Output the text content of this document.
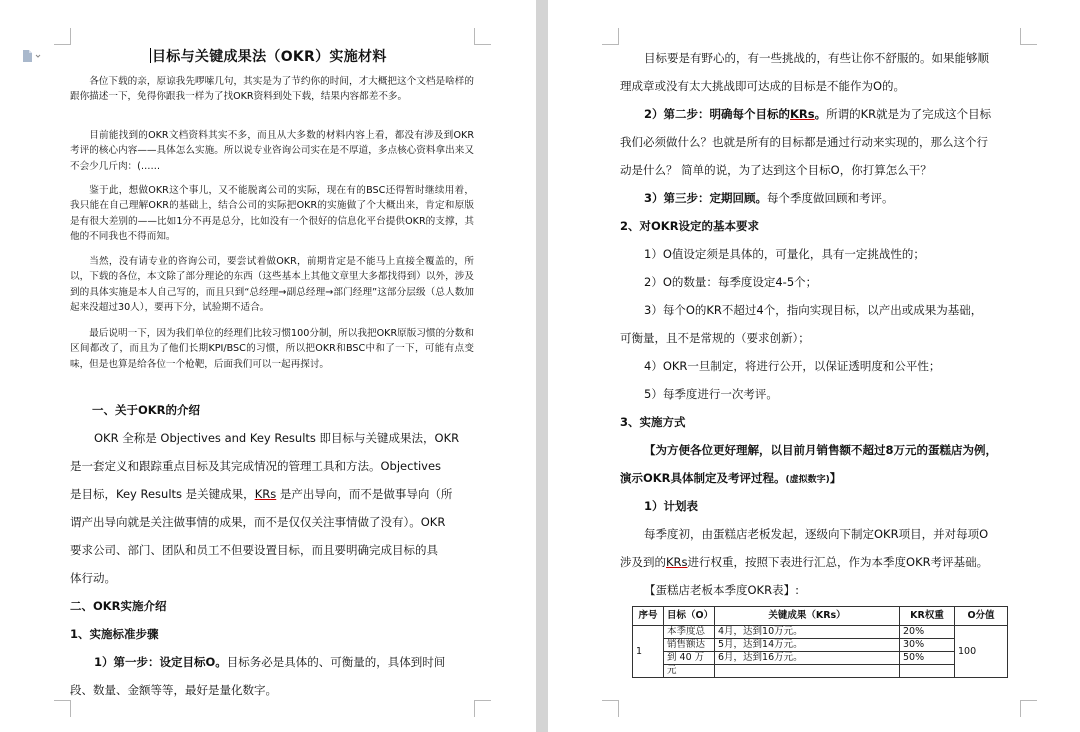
目标与关键成果法（OKR）实施材料

各位下载的亲，原谅我先啰嗦几句，其实是为了节约你的时间，才大概把这个文档是啥样的跟你描述一下，免得你跟我一样为了找OKR资料到处下载，结果内容都差不多。

目前能找到的OKR文档资料其实不多，而且从大多数的材料内容上看，都没有涉及到OKR考评的核心内容——具体怎么实施。所以说专业咨询公司实在是不厚道，多点核心资料拿出来又不会少几斤肉：(……

鉴于此，想做OKR这个事儿，又不能脱离公司的实际，现在有的BSC还得暂时继续用着，我只能在自己理解OKR的基础上，结合公司的实际把OKR的实施做了个大概出来，肯定和原版是有很大差别的——比如1分不再是总分，比如没有一个很好的信息化平台提供OKR的支撑，其他的不同我也不得而知。

当然，没有请专业的咨询公司，要尝试着做OKR，前期肯定是不能马上直接全覆盖的，所以，下载的各位，本文除了部分理论的东西（这些基本上其他文章里大多都找得到）以外，涉及到的具体实施是本人自己写的，而且只到“总经理→副总经理→部门经理”这部分层级（总人数加起来没超过30人），要再下分，试验期不适合。

最后说明一下，因为我们单位的经理们比较习惯100分制，所以我把OKR原版习惯的分数和区间都改了，而且为了他们长期KPI/BSC的习惯，所以把OKR和BSC中和了一下，可能有点变味，但是也算是给各位一个枪靶，后面我们可以一起再探讨。

一、关于OKR的介绍
OKR 全称是 Objectives and Key Results 即目标与关键成果法，OKR
是一套定义和跟踪重点目标及其完成情况的管理工具和方法。Objectives
是目标，Key Results 是关键成果，KRs 是产出导向，而不是做事导向（所
谓产出导向就是关注做事情的成果，而不是仅仅关注事情做了没有）。OKR
要求公司、部门、团队和员工不但要设置目标，而且要明确完成目标的具
体行动。
二、OKR实施介绍
1、实施标准步骤
1）第一步：设定目标O。目标务必是具体的、可衡量的，具体到时间
段、数量、金额等等，最好是量化数字。
目标要是有野心的，有一些挑战的，有些让你不舒服的。如果能够顺
理成章或没有太大挑战即可达成的目标是不能作为O的。
2）第二步：明确每个目标的KRs。所谓的KR就是为了完成这个目标
我们必须做什么？也就是所有的目标都是通过行动来实现的，那么这个行
动是什么？ 简单的说，为了达到这个目标O，你打算怎么干？
3）第三步：定期回顾。每个季度做回顾和考评。
2、对OKR设定的基本要求
1）O值设定须是具体的，可量化，具有一定挑战性的；
2）O的数量：每季度设定4-5个；
3）每个O的KR不超过4个，指向实现目标，以产出或成果为基础，
可衡量，且不是常规的（要求创新）；
4）OKR一旦制定，将进行公开，以保证透明度和公平性；
5）每季度进行一次考评。
3、实施方式
【为方便各位更好理解，以目前月销售额不超过8万元的蛋糕店为例，
演示OKR具体制定及考评过程。(虚拟数字)】
1）计划表
每季度初，由蛋糕店老板发起，逐级向下制定OKR项目，并对每项O
涉及到的KRs进行权重，按照下表进行汇总，作为本季度OKR考评基础。
【蛋糕店老板本季度OKR表】:
序号	目标（O）	关键成果（KRs）	KR权重	O分值
1	本季度总	4月，达到10万元。	20%	100
	销售额达	5月，达到14万元。	30%	
	到 40 万	6月，达到16万元。	50%	
	元			
